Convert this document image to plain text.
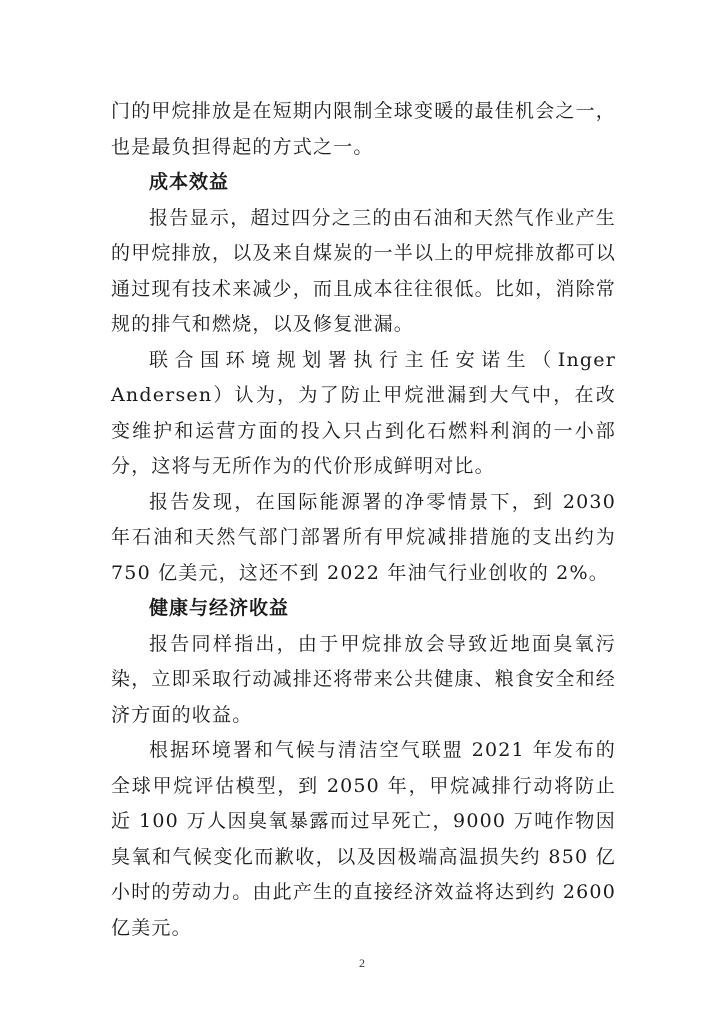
门的甲烷排放是在短期内限制全球变暖的最佳机会之一，也是最负担得起的方式之一。

成本效益

报告显示，超过四分之三的由石油和天然气作业产生的甲烷排放，以及来自煤炭的一半以上的甲烷排放都可以通过现有技术来减少，而且成本往往很低。比如，消除常规的排气和燃烧，以及修复泄漏。

联合国环境规划署执行主任安诺生（Inger Andersen）认为，为了防止甲烷泄漏到大气中，在改变维护和运营方面的投入只占到化石燃料利润的一小部分，这将与无所作为的代价形成鲜明对比。

报告发现，在国际能源署的净零情景下，到 2030 年石油和天然气部门部署所有甲烷减排措施的支出约为 750 亿美元，这还不到 2022 年油气行业创收的 2%。

健康与经济收益

报告同样指出，由于甲烷排放会导致近地面臭氧污染，立即采取行动减排还将带来公共健康、粮食安全和经济方面的收益。

根据环境署和气候与清洁空气联盟 2021 年发布的全球甲烷评估模型，到 2050 年，甲烷减排行动将防止近 100 万人因臭氧暴露而过早死亡，9000 万吨作物因臭氧和气候变化而歉收，以及因极端高温损失约 850 亿小时的劳动力。由此产生的直接经济效益将达到约 2600 亿美元。

2
